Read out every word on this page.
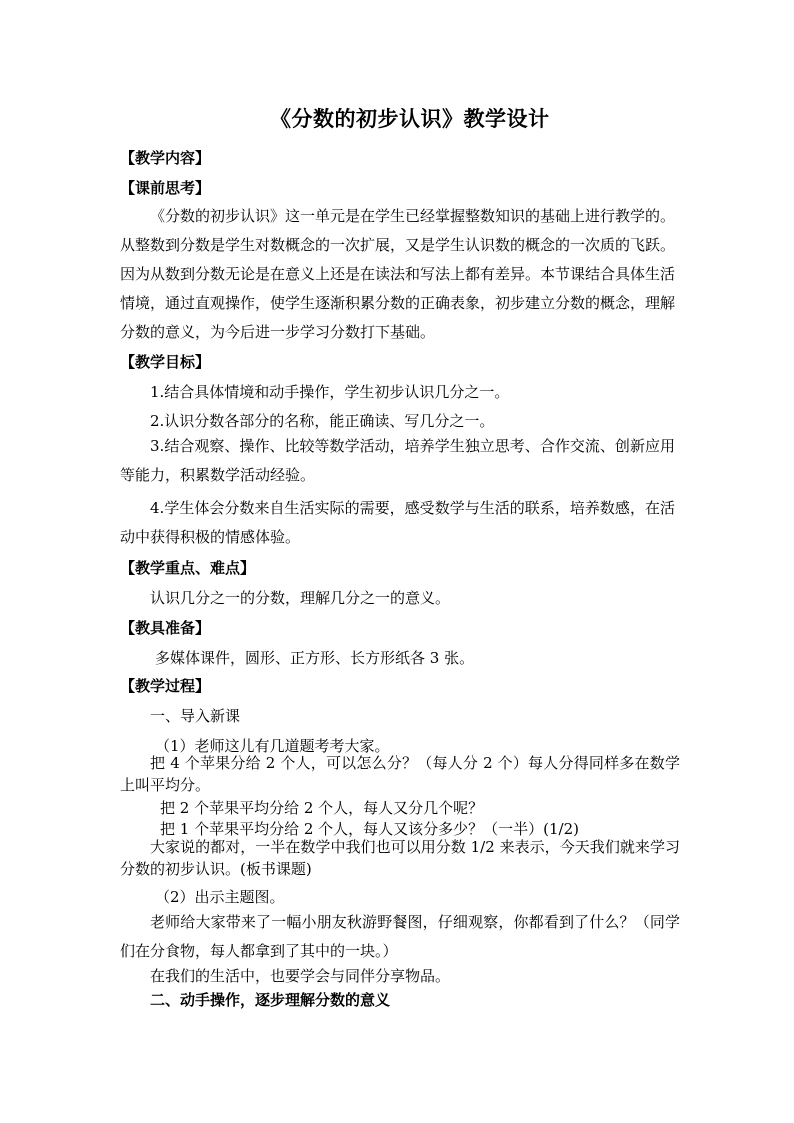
《分数的初步认识》教学设计
【教学内容】
【课前思考】

《分数的初步认识》这一单元是在学生已经掌握整数知识的基础上进行教学的。从整数到分数是学生对数概念的一次扩展，又是学生认识数的概念的一次质的飞跃。因为从数到分数无论是在意义上还是在读法和写法上都有差异。本节课结合具体生活情境，通过直观操作，使学生逐渐积累分数的正确表象，初步建立分数的概念，理解分数的意义，为今后进一步学习分数打下基础。

【教学目标】

1.结合具体情境和动手操作，学生初步认识几分之一。

2.认识分数各部分的名称，能正确读、写几分之一。

3.结合观察、操作、比较等数学活动，培养学生独立思考、合作交流、创新应用等能力，积累数学活动经验。

4.学生体会分数来自生活实际的需要，感受数学与生活的联系，培养数感，在活动中获得积极的情感体验。

【教学重点、难点】

认识几分之一的分数，理解几分之一的意义。

【教具准备】

多媒体课件，圆形、正方形、长方形纸各 3 张。

【教学过程】

一、导入新课

（1）老师这儿有几道题考考大家。

把 4 个苹果分给 2 个人，可以怎么分？（每人分 2 个）每人分得同样多在数学上叫平均分。

把 2 个苹果平均分给 2 个人，每人又分几个呢？

把 1 个苹果平均分给 2 个人，每人又该分多少？（一半）(1/2)

大家说的都对，一半在数学中我们也可以用分数 1/2 来表示，今天我们就来学习分数的初步认识。(板书课题)

（2）出示主题图。

老师给大家带来了一幅小朋友秋游野餐图，仔细观察，你都看到了什么？（同学们在分食物，每人都拿到了其中的一块。）

在我们的生活中，也要学会与同伴分享物品。

二、动手操作，逐步理解分数的意义
